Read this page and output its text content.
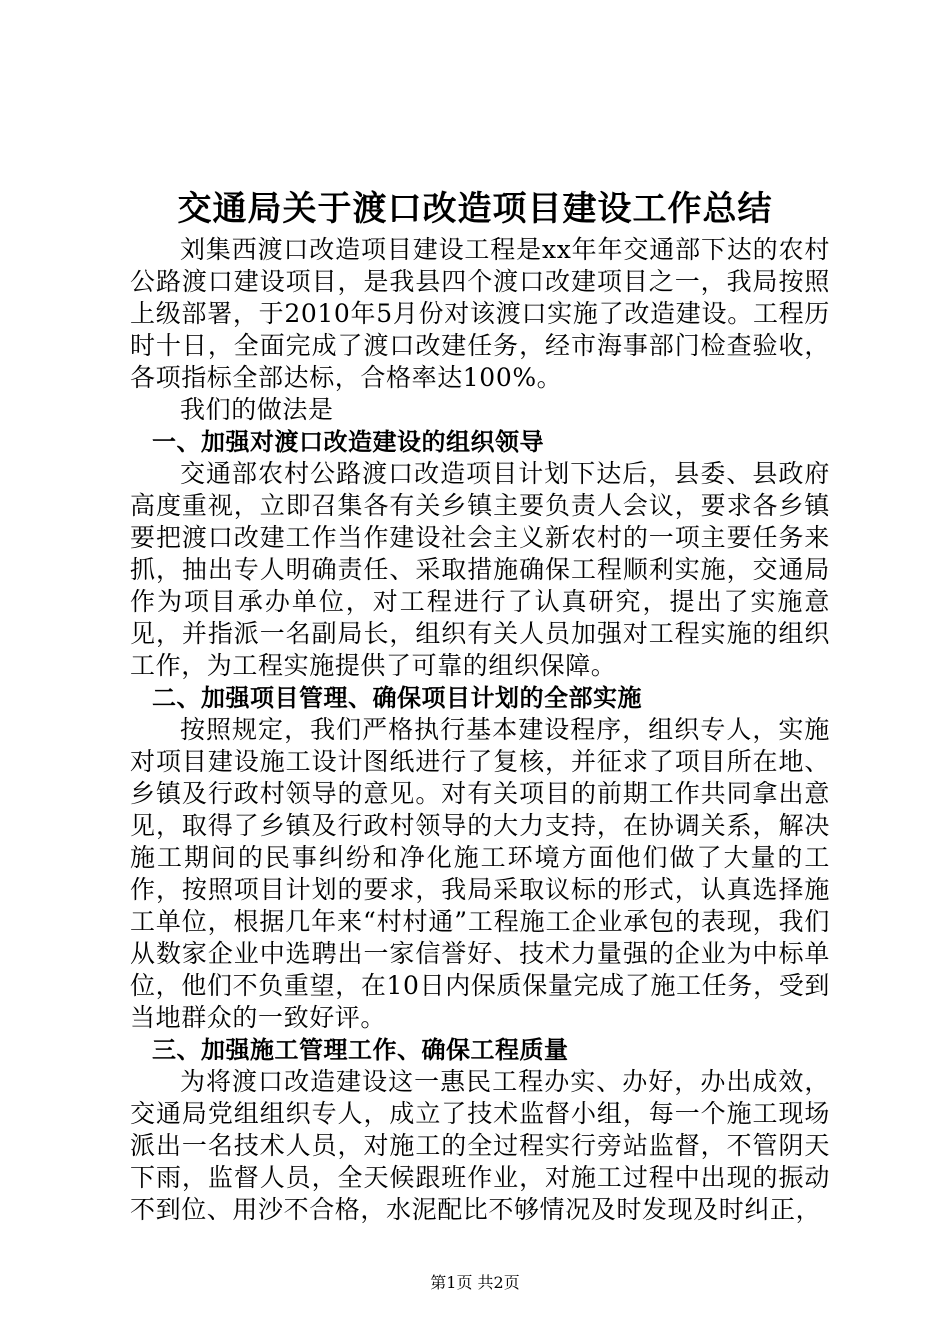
交通局关于渡口改造项目建设工作总结

刘集西渡口改造项目建设工程是xx年年交通部下达的农村公路渡口建设项目，是我县四个渡口改建项目之一，我局按照上级部署，于2010年5月份对该渡口实施了改造建设。工程历时十日，全面完成了渡口改建任务，经市海事部门检查验收，各项指标全部达标，合格率达100%。

我们的做法是

一、加强对渡口改造建设的组织领导

交通部农村公路渡口改造项目计划下达后，县委、县政府高度重视，立即召集各有关乡镇主要负责人会议，要求各乡镇要把渡口改建工作当作建设社会主义新农村的一项主要任务来抓，抽出专人明确责任、采取措施确保工程顺利实施，交通局作为项目承办单位，对工程进行了认真研究，提出了实施意见，并指派一名副局长，组织有关人员加强对工程实施的组织工作，为工程实施提供了可靠的组织保障。

二、加强项目管理、确保项目计划的全部实施

按照规定，我们严格执行基本建设程序，组织专人，实施对项目建设施工设计图纸进行了复核，并征求了项目所在地、乡镇及行政村领导的意见。对有关项目的前期工作共同拿出意见，取得了乡镇及行政村领导的大力支持，在协调关系，解决施工期间的民事纠纷和净化施工环境方面他们做了大量的工作，按照项目计划的要求，我局采取议标的形式，认真选择施工单位，根据几年来“村村通”工程施工企业承包的表现，我们从数家企业中选聘出一家信誉好、技术力量强的企业为中标单位，他们不负重望，在10日内保质保量完成了施工任务，受到当地群众的一致好评。

三、加强施工管理工作、确保工程质量

为将渡口改造建设这一惠民工程办实、办好，办出成效，交通局党组组织专人，成立了技术监督小组，每一个施工现场派出一名技术人员，对施工的全过程实行旁站监督，不管阴天下雨，监督人员，全天候跟班作业，对施工过程中出现的振动不到位、用沙不合格，水泥配比不够情况及时发现及时纠正，

第1页 共2页
